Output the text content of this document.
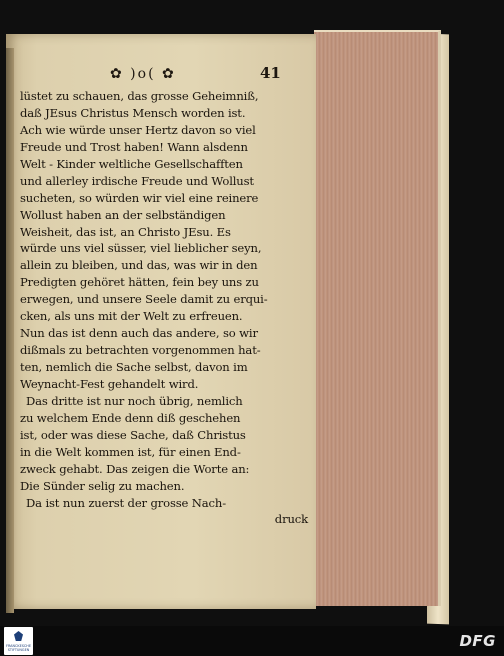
✿ )o( ✿	41
lüstet zu schauen, das grosse Geheimniß,
daß JEsus Christus Mensch worden ist.
Ach wie würde unser Hertz davon so viel
Freude und Trost haben! Wann alsdenn
Welt - Kinder weltliche Gesellschafften
und allerley irdische Freude und Wollust
sucheten, so würden wir viel eine reinere
Wollust haben an der selbständigen
Weisheit, das ist, an Christo JEsu. Es
würde uns viel süsser, viel lieblicher seyn,
allein zu bleiben, und das, was wir in den
Predigten gehöret hätten, fein bey uns zu
erwegen, und unsere Seele damit zu erqui-
cken, als uns mit der Welt zu erfreuen.
Nun das ist denn auch das andere, so wir
dißmals zu betrachten vorgenommen hat-
ten, nemlich die Sache selbst, davon im
Weynacht-Fest gehandelt wird.
Das dritte ist nur noch übrig, nemlich
zu welchem Ende denn diß geschehen
ist, oder was diese Sache, daß Christus
in die Welt kommen ist, für einen End-
zweck gehabt. Das zeigen die Worte an:
Die Sünder selig zu machen.
Da ist nun zuerst der grosse Nach-
druck
FRANCKESCHE STIFTUNGEN	DFG
